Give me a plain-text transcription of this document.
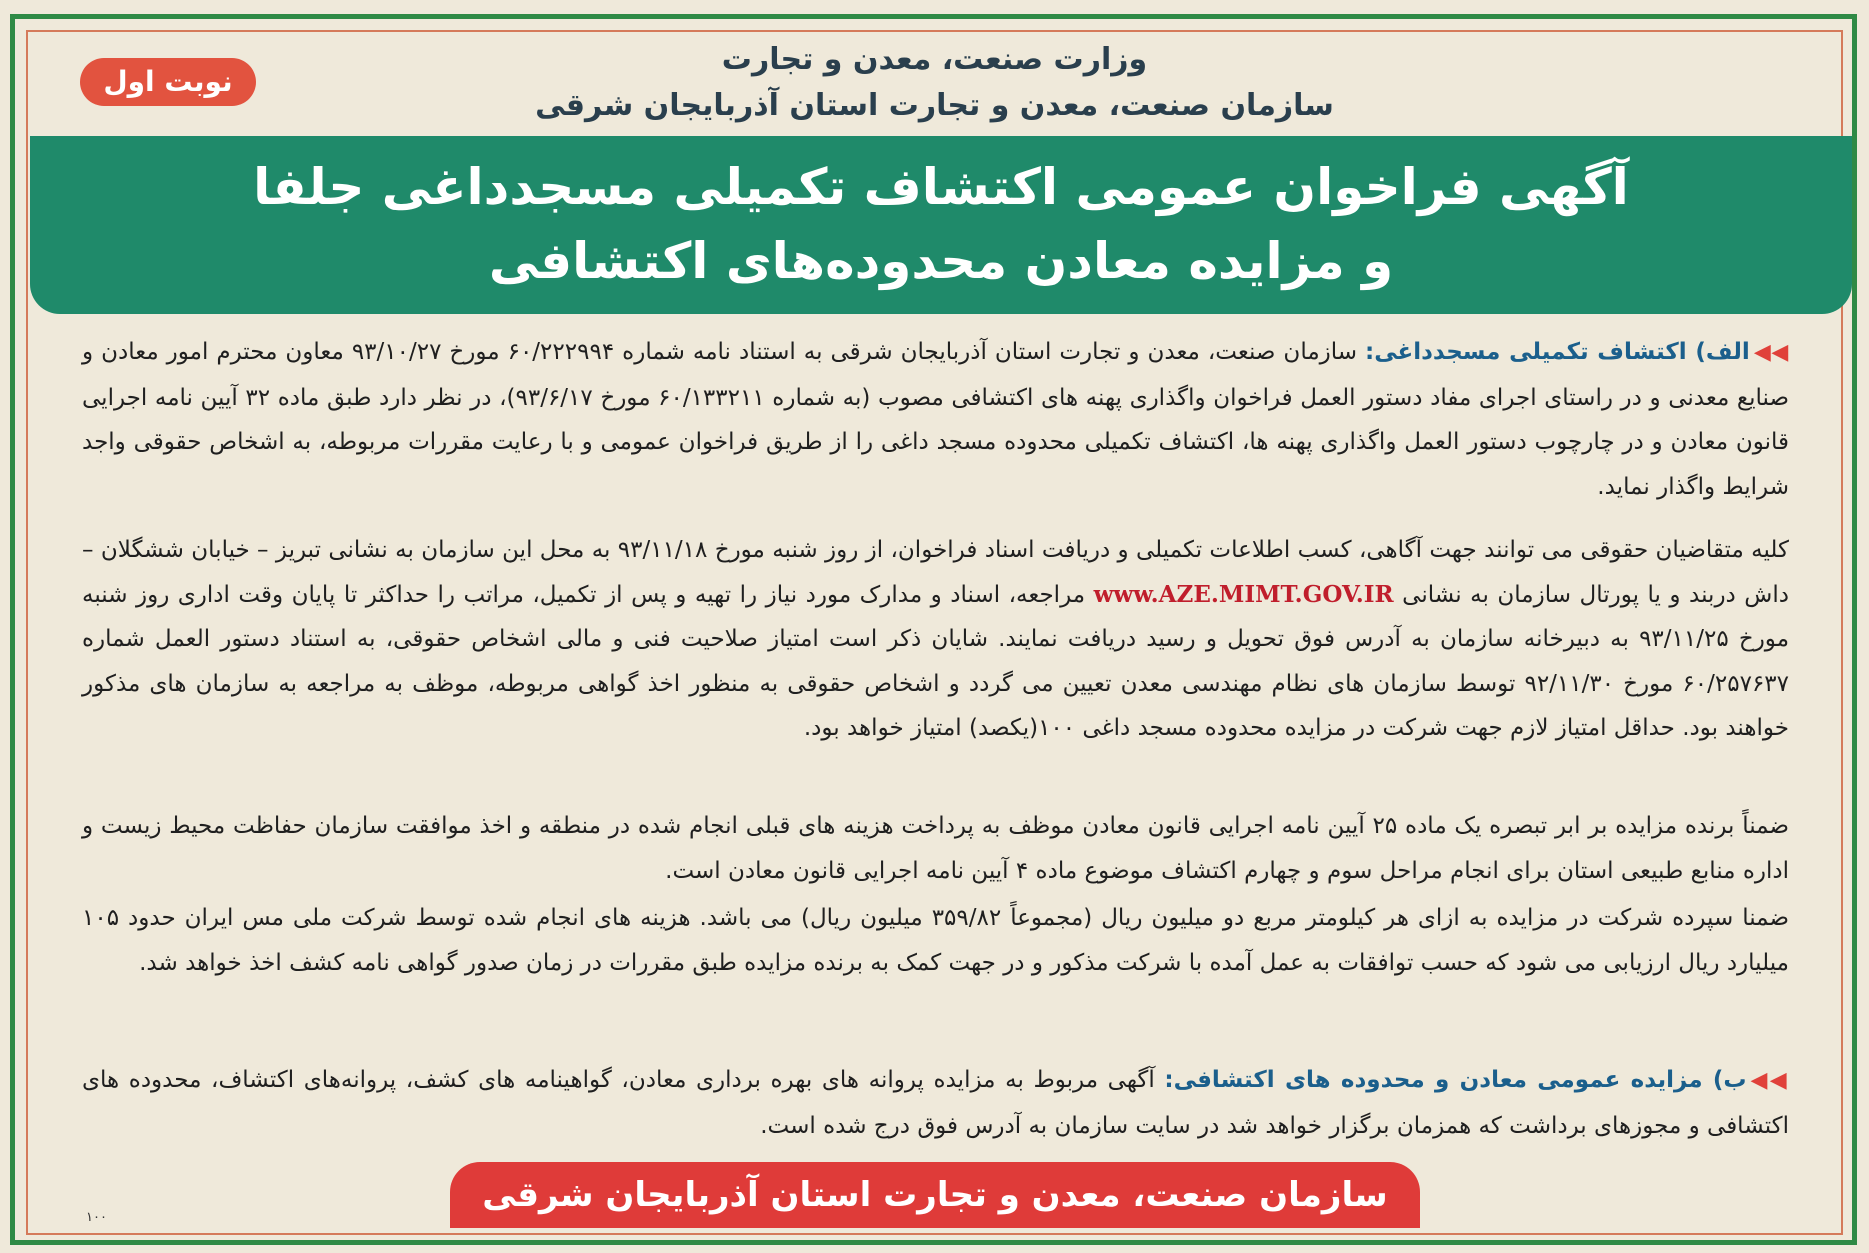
نوبت اول
وزارت صنعت، معدن و تجارت
سازمان صنعت، معدن و تجارت استان آذربایجان شرقی
آگهی فراخوان عمومی اکتشاف تکمیلی مسجدداغی جلفا
و مزایده معادن محدوده‌های اکتشافی
◀◀الف) اکتشاف تکمیلی مسجدداغی: سازمان صنعت، معدن و تجارت استان آذربایجان شرقی به استناد نامه شماره ۶۰/۲۲۲۹۹۴ مورخ ۹۳/۱۰/۲۷ معاون محترم امور معادن و صنایع معدنی و در راستای اجرای مفاد دستور العمل فراخوان واگذاری پهنه های اکتشافی مصوب (به شماره ۶۰/۱۳۳۲۱۱ مورخ ۹۳/۶/۱۷)، در نظر دارد طبق ماده ۳۲ آیین نامه اجرایی قانون معادن و در چارچوب دستور العمل واگذاری پهنه ها، اکتشاف تکمیلی محدوده مسجد داغی را از طریق فراخوان عمومی و با رعایت مقررات مربوطه، به اشخاص حقوقی واجد شرایط واگذار نماید.
کلیه متقاضیان حقوقی می توانند جهت آگاهی، کسب اطلاعات تکمیلی و دریافت اسناد فراخوان، از روز شنبه مورخ ۹۳/۱۱/۱۸ به محل این سازمان به نشانی تبریز – خیابان ششگلان – داش دربند و یا پورتال سازمان به نشانی www.AZE.MIMT.GOV.IR مراجعه، اسناد و مدارک مورد نیاز را تهیه و پس از تکمیل، مراتب را حداکثر تا پایان وقت اداری روز شنبه مورخ ۹۳/۱۱/۲۵ به دبیرخانه سازمان به آدرس فوق تحویل و رسید دریافت نمایند. شایان ذکر است امتیاز صلاحیت فنی و مالی اشخاص حقوقی، به استناد دستور العمل شماره ۶۰/۲۵۷۶۳۷ مورخ ۹۲/۱۱/۳۰ توسط سازمان های نظام مهندسی معدن تعیین می گردد و اشخاص حقوقی به منظور اخذ گواهی مربوطه، موظف به مراجعه به سازمان های مذکور خواهند بود. حداقل امتیاز لازم جهت شرکت در مزایده محدوده مسجد داغی ۱۰۰(یکصد) امتیاز خواهد بود.
ضمناً برنده مزایده بر ابر تبصره یک ماده ۲۵ آیین نامه اجرایی قانون معادن موظف به پرداخت هزینه های قبلی انجام شده در منطقه و اخذ موافقت سازمان حفاظت محیط زیست و اداره منابع طبیعی استان برای انجام مراحل سوم و چهارم اکتشاف موضوع ماده ۴ آیین نامه اجرایی قانون معادن است.
ضمنا سپرده شرکت در مزایده به ازای هر کیلومتر مربع دو میلیون ریال (مجموعاً ۳۵۹/۸۲ میلیون ریال) می باشد. هزینه های انجام شده توسط شرکت ملی مس ایران حدود ۱۰۵ میلیارد ریال ارزیابی می شود که حسب توافقات به عمل آمده با شرکت مذکور و در جهت کمک به برنده مزایده طبق مقررات در زمان صدور گواهی نامه کشف اخذ خواهد شد.
◀◀ب) مزایده عمومی معادن و محدوده های اکتشافی: آگهی مربوط به مزایده پروانه های بهره برداری معادن، گواهینامه های کشف، پروانه‌های اکتشاف، محدوده های اکتشافی و مجوزهای برداشت که همزمان برگزار خواهد شد در سایت سازمان به آدرس فوق درج شده است.
سازمان صنعت، معدن و تجارت استان آذربایجان شرقی
۱۰۰
